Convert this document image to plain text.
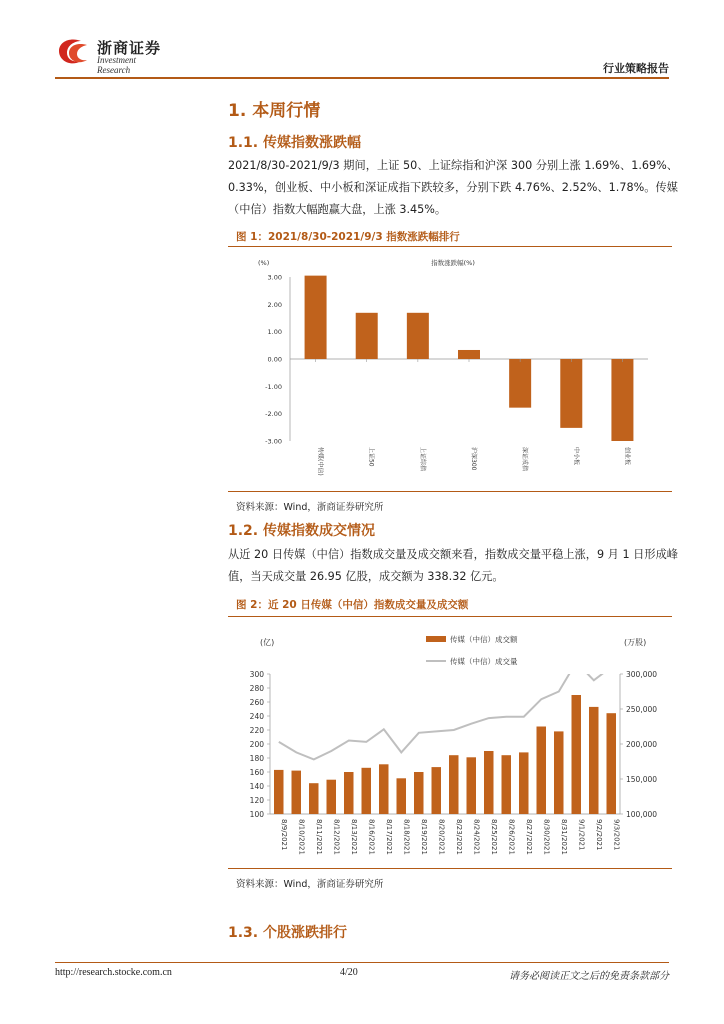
浙商证券
Investment Research	行业策略报告
1. 本周行情
1.1. 传媒指数涨跌幅
2021/8/30-2021/9/3 期间，上证 50、上证综指和沪深 300 分别上涨 1.69%、1.69%、0.33%，创业板、中小板和深证成指下跌较多，分别下跌 4.76%、2.52%、1.78%。传媒（中信）指数大幅跑赢大盘，上涨 3.45%。
图 1：2021/8/30-2021/9/3 指数涨跌幅排行
(%)	指数涨跌幅(%)
3.00
2.00
1.00
0.00
-1.00
-2.00
-3.00
传媒(中信)	上证50	上证综指	沪深300	深证成指	中小板	创业板
资料来源：Wind，浙商证券研究所
1.2. 传媒指数成交情况
从近 20 日传媒（中信）指数成交量及成交额来看，指数成交量平稳上涨，9 月 1 日形成峰值，当天成交量 26.95 亿股，成交额为 338.32 亿元。
图 2：近 20 日传媒（中信）指数成交量及成交额
(亿)	(万股)
传媒（中信）成交额
传媒（中信）成交量
300
280
260
240
220
200
180
160
140
120
100
300,000
250,000
200,000
150,000
100,000
8/9/2021 8/10/2021 8/11/2021 8/12/2021 8/13/2021 8/16/2021 8/17/2021 8/18/2021 8/19/2021 8/20/2021 8/23/2021 8/24/2021 8/25/2021 8/26/2021 8/27/2021 8/30/2021 8/31/2021 9/1/2021 9/2/2021 9/3/2021
资料来源：Wind，浙商证券研究所
1.3. 个股涨跌排行
http://research.stocke.com.cn	4/20	请务必阅读正文之后的免责条款部分
